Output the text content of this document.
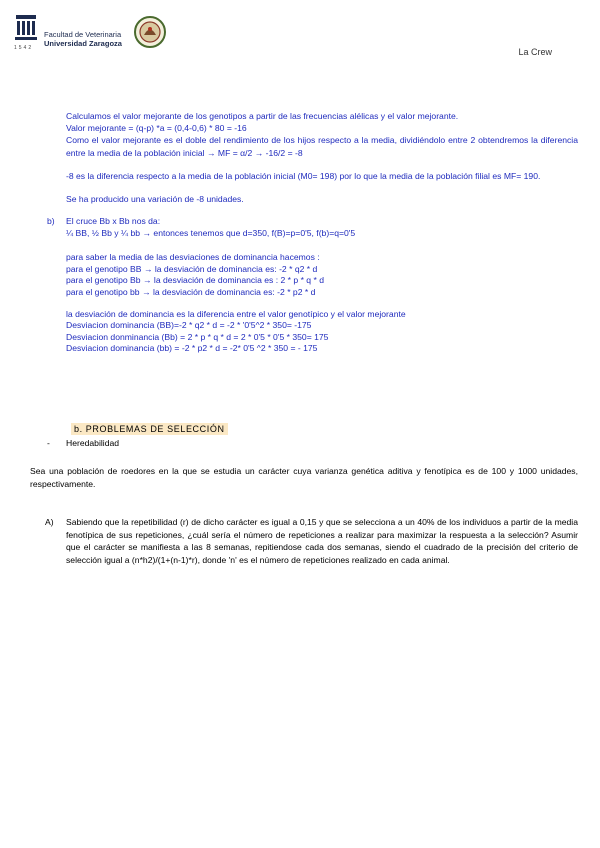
Facultad de Veterinaria
Universidad Zaragoza
1542	La Crew
Calculamos el valor mejorante de los genotipos a partir de las frecuencias alélicas y el valor mejorante.
Valor mejorante = (q-p) *a = (0,4-0,6) * 80 = -16
Como el valor mejorante es el doble del rendimiento de los hijos respecto a la media, dividiéndolo entre 2 obtendremos la diferencia entre la media de la población inicial → MF = α/2 → -16/2 = -8
-8 es la diferencia respecto a la media de la población inicial (M0= 198) por lo que la media de la población filial es MF= 190.
Se ha producido una variación de -8 unidades.
b) El cruce Bb x Bb nos da:
¼ BB, ½ Bb y ¼ bb → entonces tenemos que d=350, f(B)=p=0'5, f(b)=q=0'5
para saber la media de las desviaciones de dominancia hacemos :
para el genotipo BB → la desviación de dominancia es: -2 * q2 * d
para el genotipo Bb → la desviación de dominancia es : 2 * p * q * d
para el genotipo bb → la desviación de dominancia es: -2 * p2 * d
la desviación de dominancia es la diferencia entre el valor genotípico y el valor mejorante
Desviacion dominancia (BB)=-2 * q2 * d = -2 * '0'5^2 * 350= -175
Desviacion donminancia (Bb) = 2 * p * q * d = 2 * 0'5 * 0'5 * 350= 175
Desviacion dominancia (bb) = -2 * p2 * d = -2* 0'5 ^2 * 350 = - 175
b. PROBLEMAS DE SELECCIÓN
- Heredabilidad
Sea una población de roedores en la que se estudia un carácter cuya varianza genética aditiva y fenotípica es de 100 y 1000 unidades, respectivamente.
A) Sabiendo que la repetibilidad (r) de dicho carácter es igual a 0,15 y que se selecciona a un 40% de los individuos a partir de la media fenotípica de sus repeticiones, ¿cuál sería el número de repeticiones a realizar para maximizar la respuesta a la selección? Asumir que el carácter se manifiesta a las 8 semanas, repitiendose cada dos semanas, siendo el cuadrado de la precisión del criterio de selección igual a (n*h2)/(1+(n-1)*r), donde 'n' es el número de repeticiones realizado en cada animal.
